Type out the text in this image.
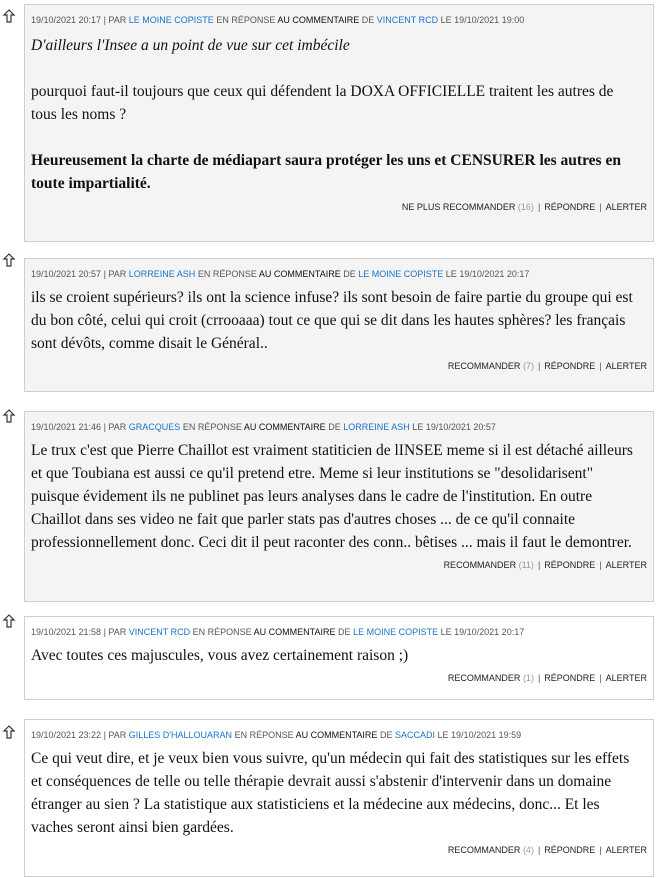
19/10/2021 20:17 | PAR LE MOINE COPISTE EN RÉPONSE AU COMMENTAIRE DE VINCENT RCD LE 19/10/2021 19:00

D'ailleurs l'Insee a un point de vue sur cet imbécile

pourquoi faut-il toujours que ceux qui défendent la DOXA OFFICIELLE traitent les autres de tous les noms ?

Heureusement la charte de médiapart saura protéger les uns et CENSURER les autres en toute impartialité.

NE PLUS RECOMMANDER (16) | RÉPONDRE | ALERTER
19/10/2021 20:57 | PAR LORREINE ASH EN RÉPONSE AU COMMENTAIRE DE LE MOINE COPISTE LE 19/10/2021 20:17

ils se croient supérieurs? ils ont la science infuse? ils sont besoin de faire partie du groupe qui est du bon côté, celui qui croit (crrooaaa) tout ce que qui se dit dans les hautes sphères? les français sont dévôts, comme disait le Général..

RECOMMANDER (7) | RÉPONDRE | ALERTER
19/10/2021 21:46 | PAR GRACQUES EN RÉPONSE AU COMMENTAIRE DE LORREINE ASH LE 19/10/2021 20:57

Le trux c'est que Pierre Chaillot est vraiment statiticien de lINSEE meme si il est détaché ailleurs et que Toubiana est aussi ce qu'il pretend etre. Meme si leur institutions se "desolidarisent" puisque évidement ils ne publinet pas leurs analyses dans le cadre de l'institution. En outre Chaillot dans ses video ne fait que parler stats pas d'autres choses ... de ce qu'il connaite professionnellement donc. Ceci dit il peut raconter des conn.. bêtises ... mais il faut le demontrer.

RECOMMANDER (11) | RÉPONDRE | ALERTER
19/10/2021 21:58 | PAR VINCENT RCD EN RÉPONSE AU COMMENTAIRE DE LE MOINE COPISTE LE 19/10/2021 20:17

Avec toutes ces majuscules, vous avez certainement raison ;)

RECOMMANDER (1) | RÉPONDRE | ALERTER
19/10/2021 23:22 | PAR GILLES D'HALLOUARAN EN RÉPONSE AU COMMENTAIRE DE SACCADI LE 19/10/2021 19:59

Ce qui veut dire, et je veux bien vous suivre, qu'un médecin qui fait des statistiques sur les effets et conséquences de telle ou telle thérapie devrait aussi s'abstenir d'intervenir dans un domaine étranger au sien ? La statistique aux statisticiens et la médecine aux médecins, donc... Et les vaches seront ainsi bien gardées.

RECOMMANDER (4) | RÉPONDRE | ALERTER
